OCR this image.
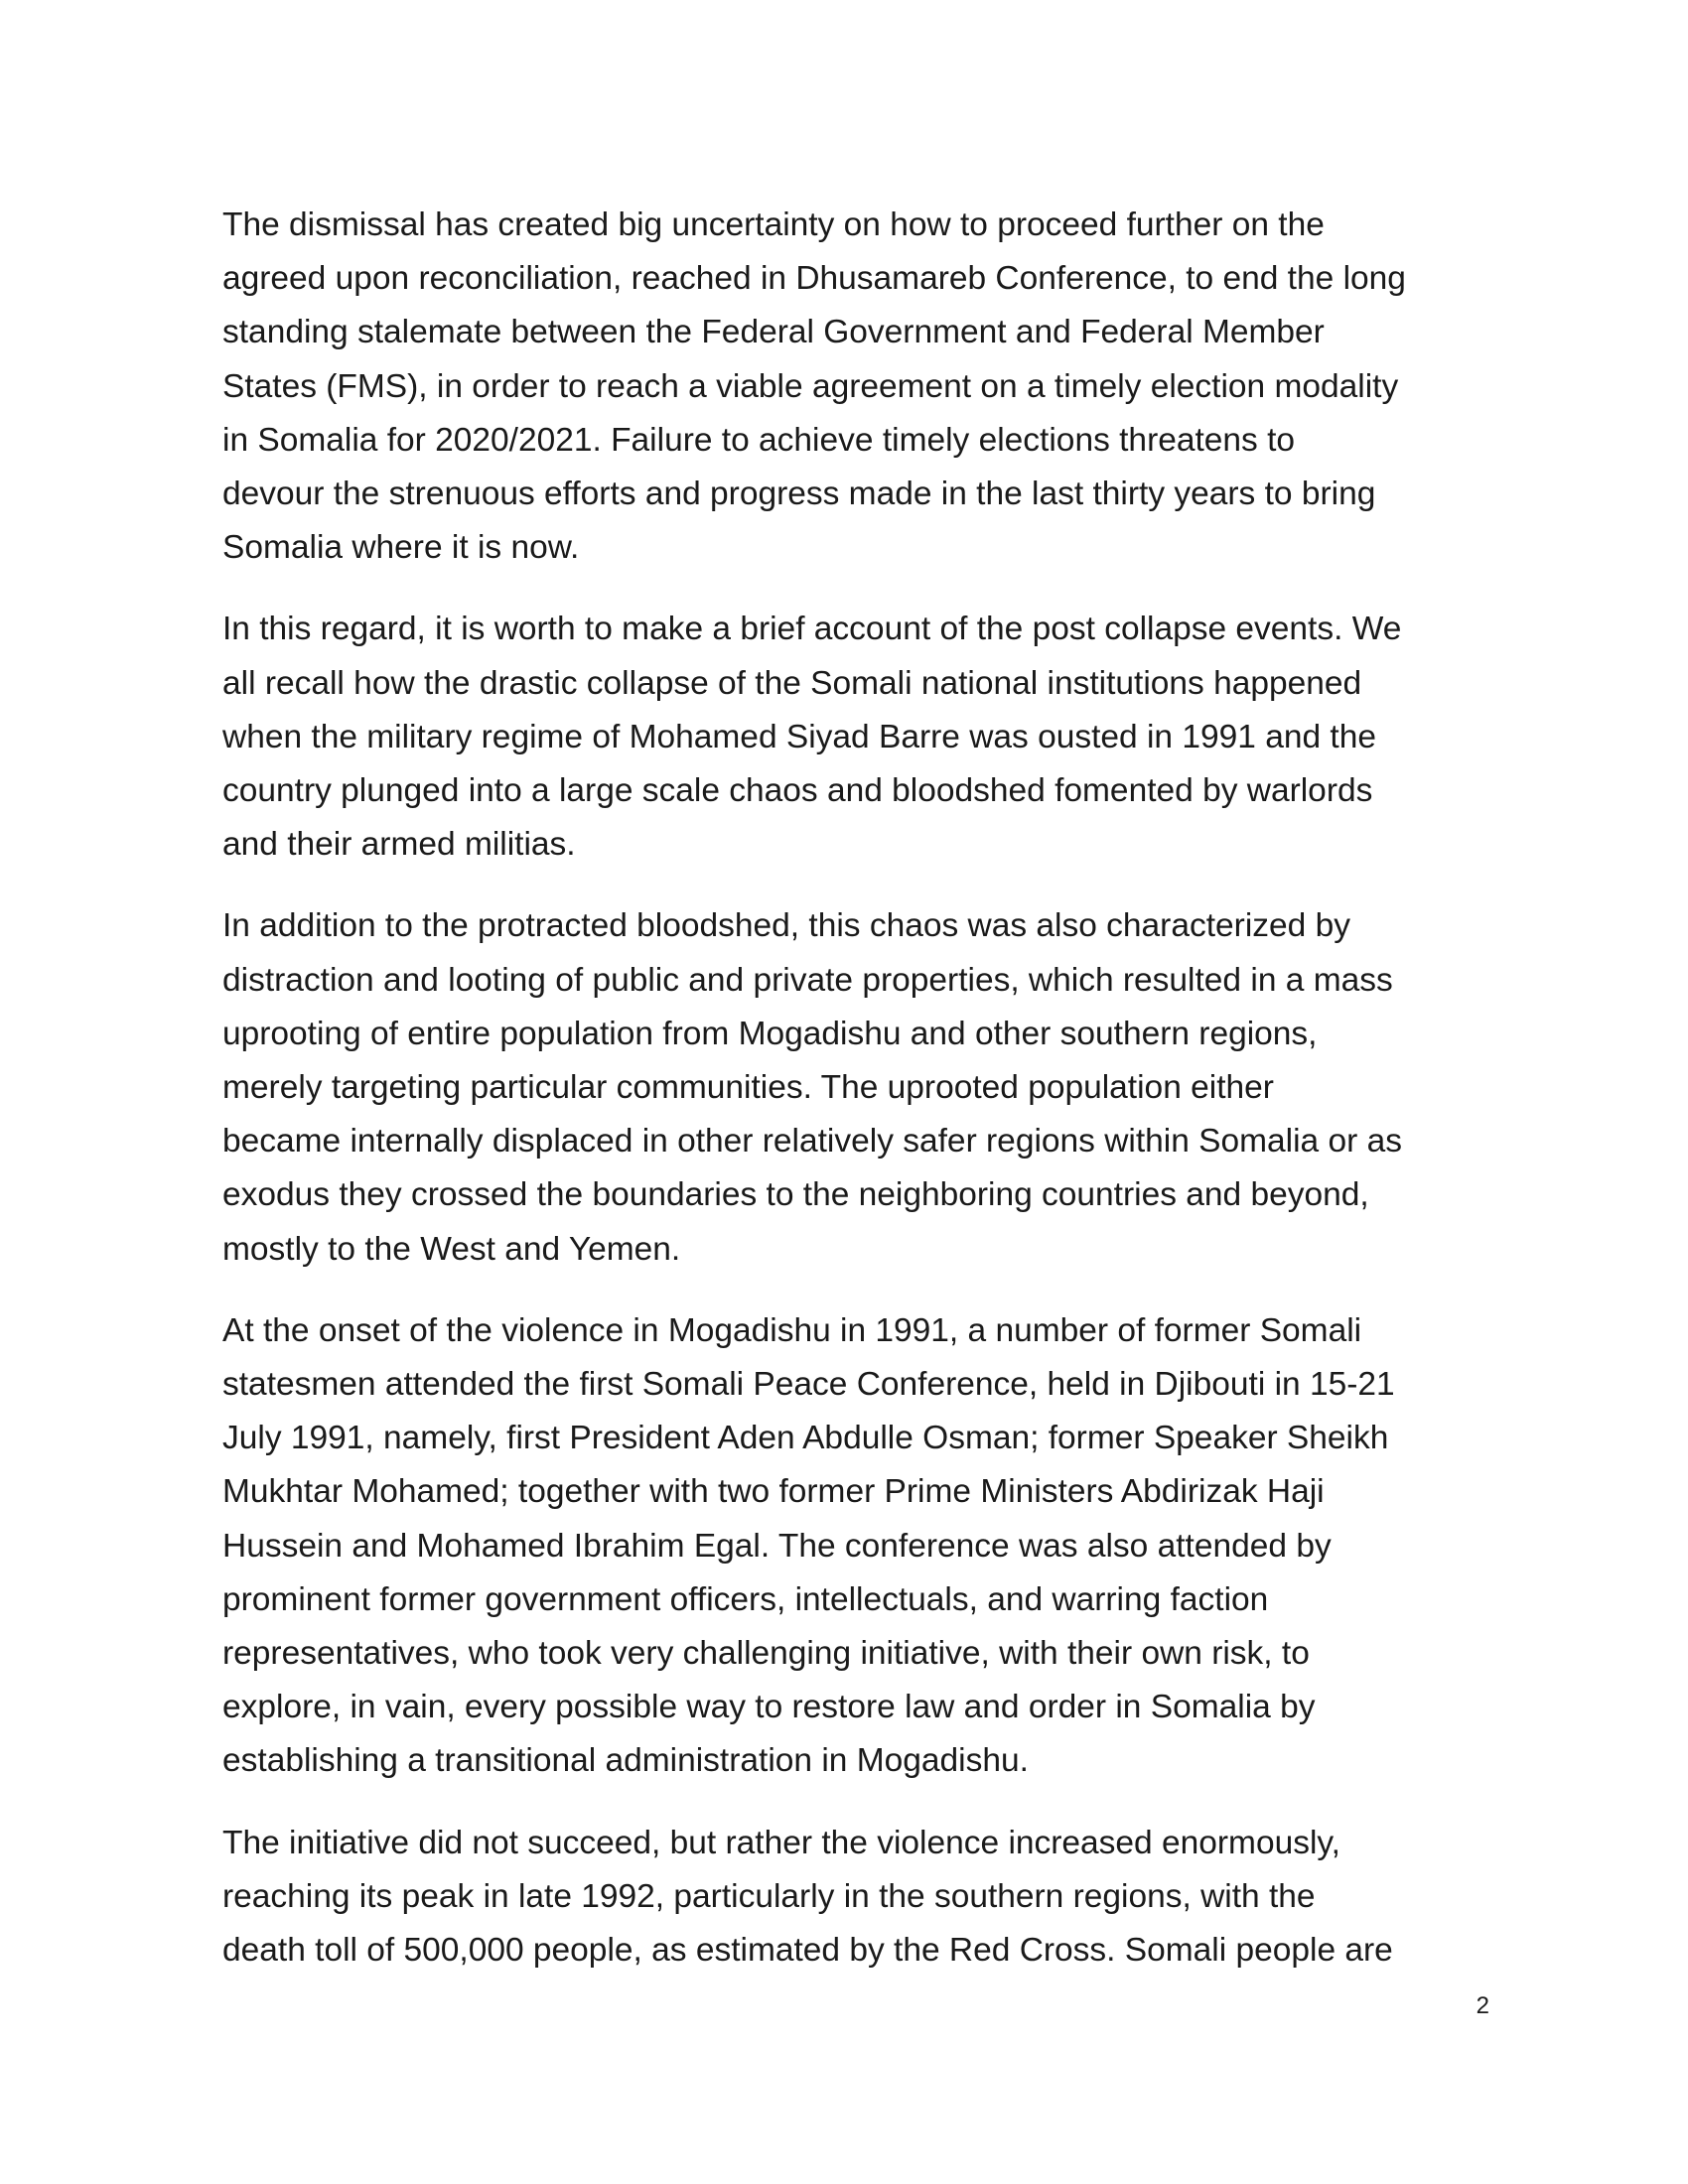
The dismissal has created big uncertainty on how to proceed further on the
agreed upon reconciliation, reached in Dhusamareb Conference, to end the long
standing stalemate between the Federal Government and Federal Member
States (FMS), in order to reach a viable agreement on a timely election modality
in Somalia for 2020/2021. Failure to achieve timely elections threatens to
devour the strenuous efforts and progress made in the last thirty years to bring
Somalia where it is now.

In this regard, it is worth to make a brief account of the post collapse events. We
all recall how the drastic collapse of the Somali national institutions happened
when the military regime of Mohamed Siyad Barre was ousted in 1991 and the
country plunged into a large scale chaos and bloodshed fomented by warlords
and their armed militias.

In addition to the protracted bloodshed, this chaos was also characterized by
distraction and looting of public and private properties, which resulted in a mass
uprooting of entire population from Mogadishu and other southern regions,
merely targeting particular communities. The uprooted population either
became internally displaced in other relatively safer regions within Somalia or as
exodus they crossed the boundaries to the neighboring countries and beyond,
mostly to the West and Yemen.

At the onset of the violence in Mogadishu in 1991, a number of former Somali
statesmen attended the first Somali Peace Conference, held in Djibouti in 15-21
July 1991, namely, first President Aden Abdulle Osman; former Speaker Sheikh
Mukhtar Mohamed; together with two former Prime Ministers Abdirizak Haji
Hussein and Mohamed Ibrahim Egal. The conference was also attended by
prominent former government officers, intellectuals, and warring faction
representatives, who took very challenging initiative, with their own risk, to
explore, in vain, every possible way to restore law and order in Somalia by
establishing a transitional administration in Mogadishu.

The initiative did not succeed, but rather the violence increased enormously,
reaching its peak in late 1992, particularly in the southern regions, with the
death toll of 500,000 people, as estimated by the Red Cross. Somali people are

2
